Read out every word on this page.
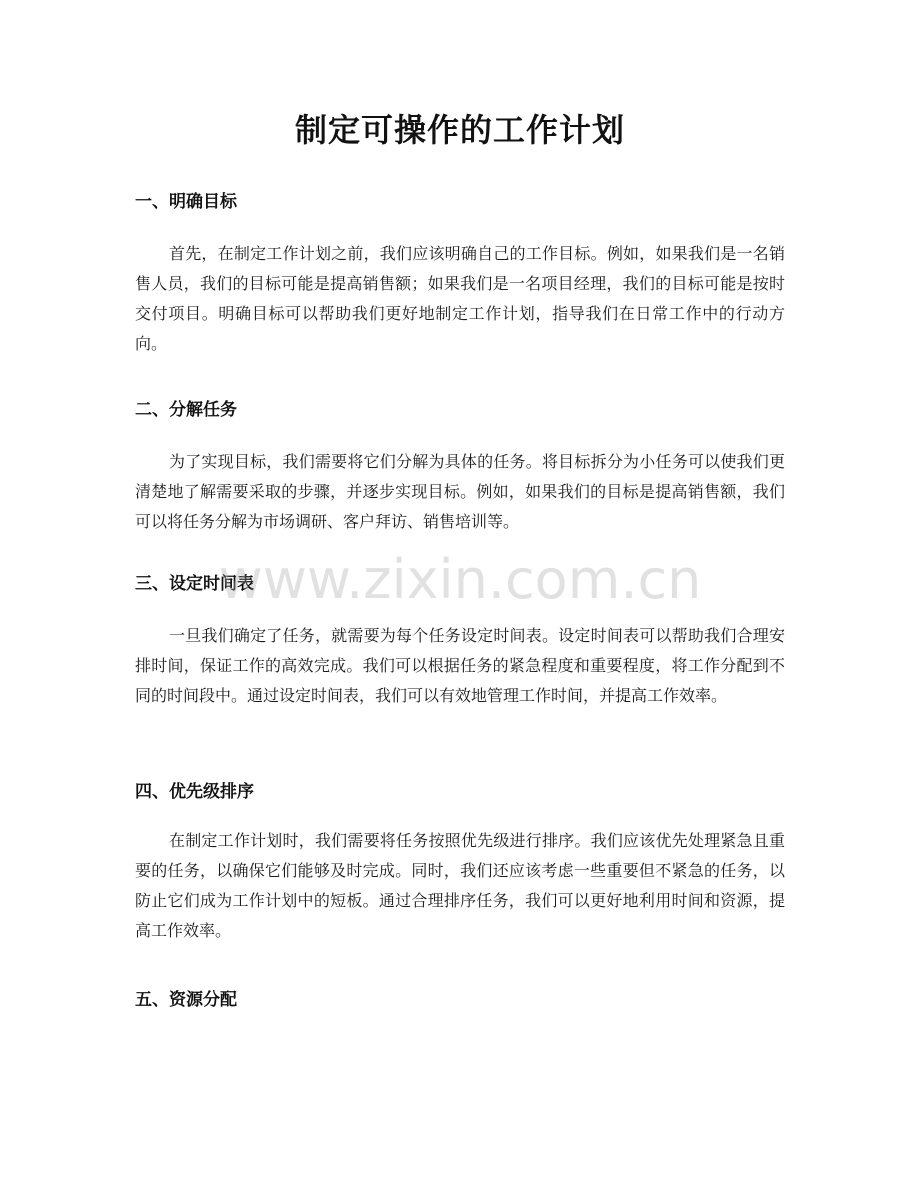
制定可操作的工作计划
一、明确目标

首先，在制定工作计划之前，我们应该明确自己的工作目标。例如，如果我们是一名销售人员，我们的目标可能是提高销售额；如果我们是一名项目经理，我们的目标可能是按时交付项目。明确目标可以帮助我们更好地制定工作计划，指导我们在日常工作中的行动方向。

二、分解任务

为了实现目标，我们需要将它们分解为具体的任务。将目标拆分为小任务可以使我们更清楚地了解需要采取的步骤，并逐步实现目标。例如，如果我们的目标是提高销售额，我们可以将任务分解为市场调研、客户拜访、销售培训等。

三、设定时间表

一旦我们确定了任务，就需要为每个任务设定时间表。设定时间表可以帮助我们合理安排时间，保证工作的高效完成。我们可以根据任务的紧急程度和重要程度，将工作分配到不同的时间段中。通过设定时间表，我们可以有效地管理工作时间，并提高工作效率。

四、优先级排序

在制定工作计划时，我们需要将任务按照优先级进行排序。我们应该优先处理紧急且重要的任务，以确保它们能够及时完成。同时，我们还应该考虑一些重要但不紧急的任务，以防止它们成为工作计划中的短板。通过合理排序任务，我们可以更好地利用时间和资源，提高工作效率。

五、资源分配
www.zixin.com.cn
